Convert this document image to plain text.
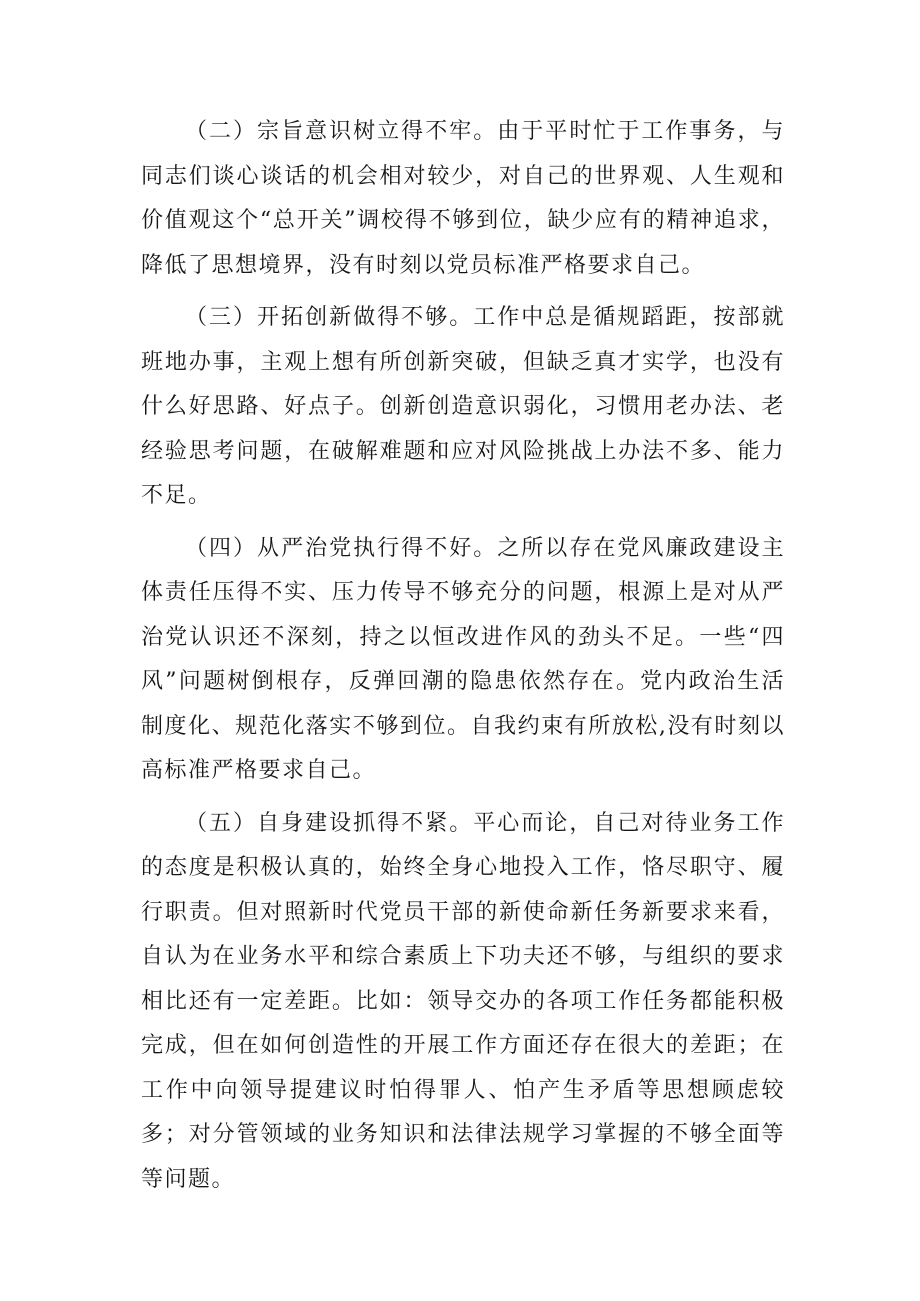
（二）宗旨意识树立得不牢。由于平时忙于工作事务，与同志们谈心谈话的机会相对较少，对自己的世界观、人生观和价值观这个“总开关”调校得不够到位，缺少应有的精神追求，降低了思想境界，没有时刻以党员标准严格要求自己。

（三）开拓创新做得不够。工作中总是循规蹈距，按部就班地办事，主观上想有所创新突破，但缺乏真才实学，也没有什么好思路、好点子。创新创造意识弱化，习惯用老办法、老经验思考问题，在破解难题和应对风险挑战上办法不多、能力不足。

（四）从严治党执行得不好。之所以存在党风廉政建设主体责任压得不实、压力传导不够充分的问题，根源上是对从严治党认识还不深刻，持之以恒改进作风的劲头不足。一些“四风”问题树倒根存，反弹回潮的隐患依然存在。党内政治生活制度化、规范化落实不够到位。自我约束有所放松,没有时刻以高标准严格要求自己。

（五）自身建设抓得不紧。平心而论，自己对待业务工作的态度是积极认真的，始终全身心地投入工作，恪尽职守、履行职责。但对照新时代党员干部的新使命新任务新要求来看，自认为在业务水平和综合素质上下功夫还不够，与组织的要求相比还有一定差距。比如：领导交办的各项工作任务都能积极完成，但在如何创造性的开展工作方面还存在很大的差距；在工作中向领导提建议时怕得罪人、怕产生矛盾等思想顾虑较多；对分管领域的业务知识和法律法规学习掌握的不够全面等等问题。
